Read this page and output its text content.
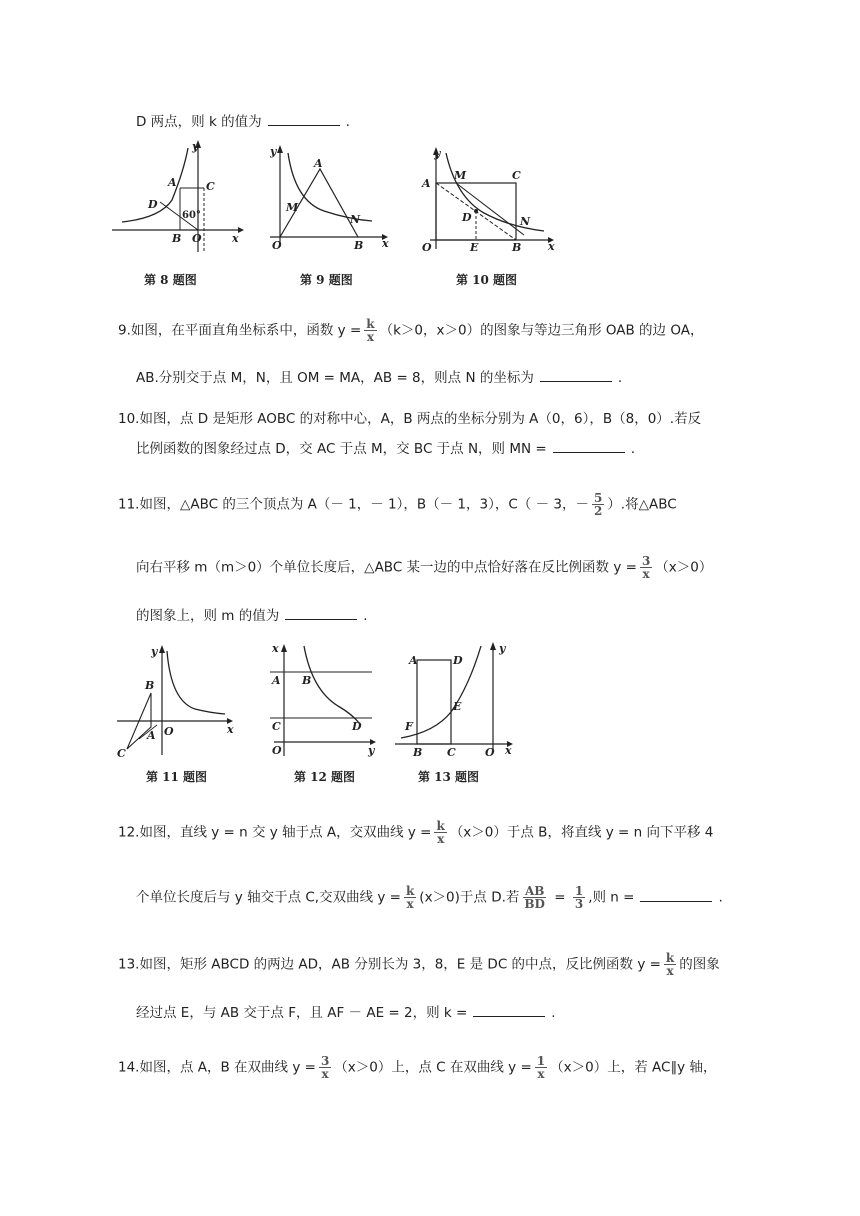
D 两点，则 k 的值为	.
y
x
A	C
D
B O
60°
第 8 题图
y
x
A
M
N
O	B
第 9 题图
y
x
A
M	C
D	N
O	E	B
第 10 题图
9.如图，在平面直角坐标系中，函数 $y = \frac{k}{x} (k>0$，x＞0）的图象与等边三角形 OAB 的边 OA，
AB.分别交于点 M，N，且 OM = MA，AB = 8，则点 N 的坐标为	.
10.如图，点 D 是矩形 AOBC 的对称中心，A，B 两点的坐标分别为 A（0，6），B（8，0）.若反
比例函数的图象经过点 D，交 AC 于点 M，交 BC 于点 N，则 MN =	.
11.如图，△ABC 的三个顶点为 A（－ 1，－ 1），B（－ 1，3），C（ － 3，－ $\frac{5}{2}$ ）.将△ABC
向右平移 m（m＞0）个单位长度后，△ABC 某一边的中点恰好落在反比例函数 $y = \frac{3}{x} (x>0)$
的图象上，则 m 的值为	.
y
x
B
O
A
C
第 11 题图
x
y
A B
C	D
O
第 12 题图
y
x
A	D
E
F
B C	O
第 13 题图
12.如图，直线 y = n 交 y 轴于点 A，交双曲线 $y = \frac{k}{x} (x>0)$于点 B，将直线 y = n 向下平移 4
个单位长度后与 y 轴交于点 C,交双曲线 $y = \frac{k}{x} (x>0)$于点 D.若 $\frac{AB}{BD} = \frac{1}{3}$ ,则 n =	.
13.如图，矩形 ABCD 的两边 AD，AB 分别长为 3，8，E 是 DC 的中点，反比例函数 $y = \frac{k}{x}$ 的图象
经过点 E，与 AB 交于点 F，且 AF － AE = 2，则 k =	.
14.如图，点 A，B 在双曲线 $y = \frac{3}{x} (x>0)$上，点 C 在双曲线 $y = \frac{1}{x} (x>0)$上，若 AC∥y 轴，
